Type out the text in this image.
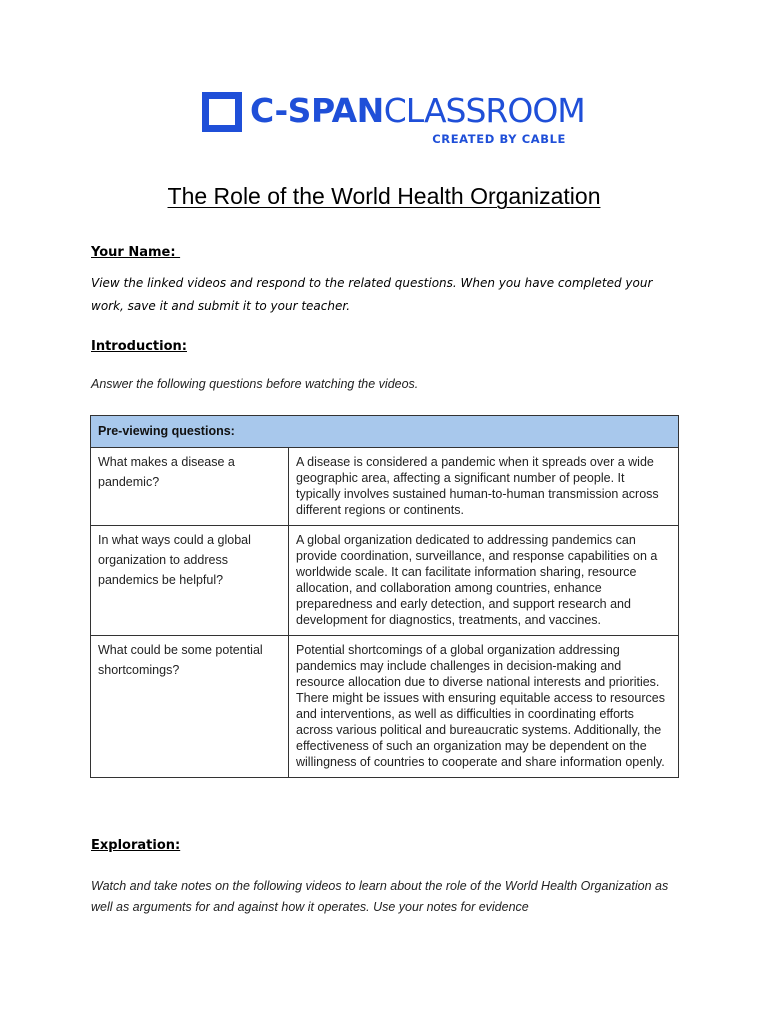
C-SPANCLASSROOM
CREATED BY CABLE
The Role of the World Health Organization
Your Name:
View the linked videos and respond to the related questions. When you have completed your work, save it and submit it to your teacher.
Introduction:
Answer the following questions before watching the videos.
Pre-viewing questions:	
What makes a disease a pandemic?	A disease is considered a pandemic when it spreads over a wide geographic area, affecting a significant number of people. It typically involves sustained human-to-human transmission across different regions or continents.
In what ways could a global organization to address pandemics be helpful?	A global organization dedicated to addressing pandemics can provide coordination, surveillance, and response capabilities on a worldwide scale. It can facilitate information sharing, resource allocation, and collaboration among countries, enhance preparedness and early detection, and support research and development for diagnostics, treatments, and vaccines.
What could be some potential shortcomings?	Potential shortcomings of a global organization addressing pandemics may include challenges in decision-making and resource allocation due to diverse national interests and priorities. There might be issues with ensuring equitable access to resources and interventions, as well as difficulties in coordinating efforts across various political and bureaucratic systems. Additionally, the effectiveness of such an organization may be dependent on the willingness of countries to cooperate and share information openly.
Exploration:
Watch and take notes on the following videos to learn about the role of the World Health Organization as well as arguments for and against how it operates. Use your notes for evidence
